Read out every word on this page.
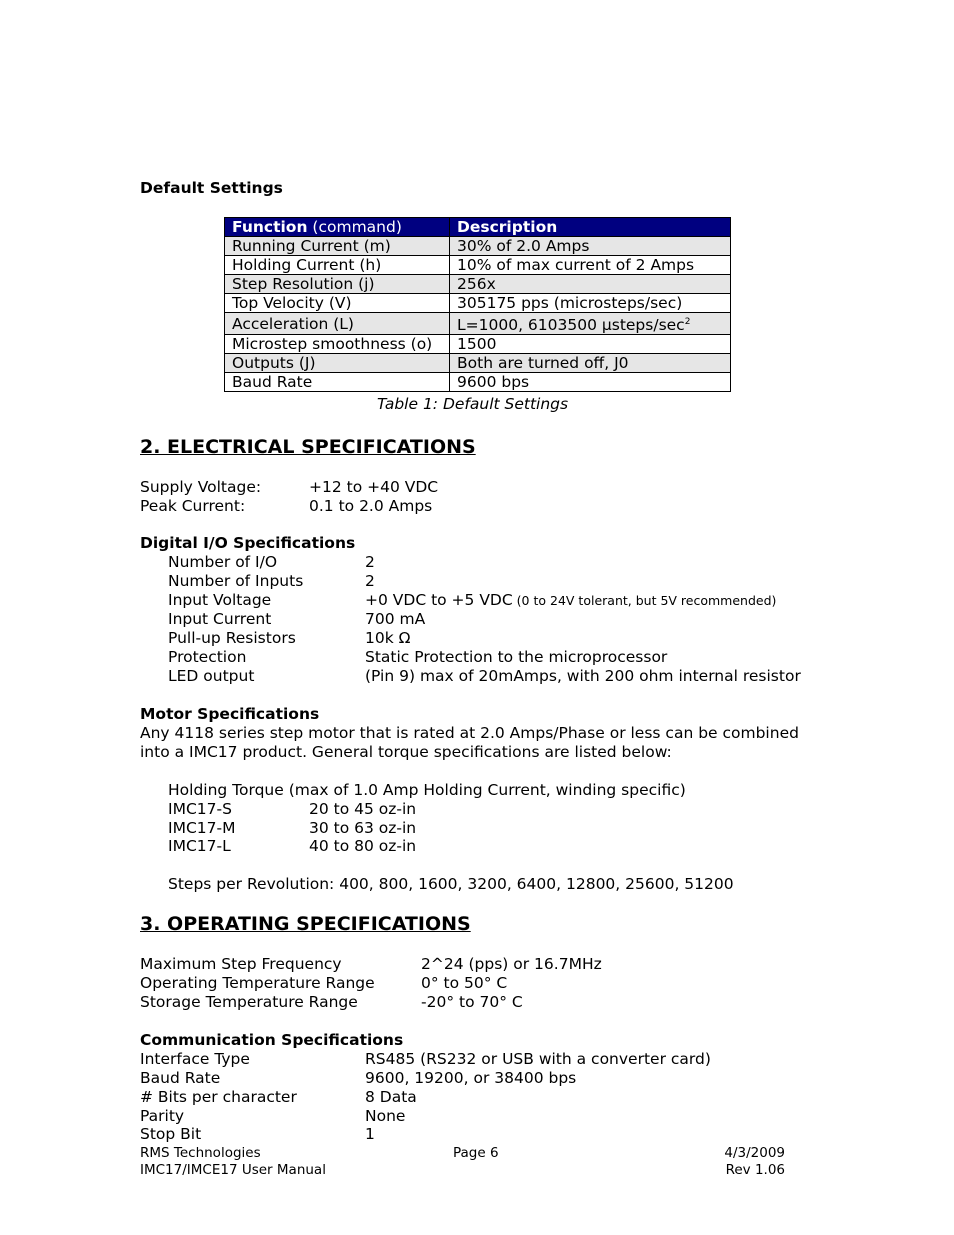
Default Settings
Function (command)	Description
Running Current (m)	30% of 2.0 Amps
Holding Current (h)	10% of max current of 2 Amps
Step Resolution (j)	256x
Top Velocity (V)	305175 pps (microsteps/sec)
Acceleration (L)	L=1000, 6103500 µsteps/$\sec^2$
Microstep smoothness (o)	1500
Outputs (J)	Both are turned off, J0
Baud Rate	9600 bps
Table 1: Default Settings
2. ELECTRICAL SPECIFICATIONS
Supply Voltage:	+12 to +40 VDC
Peak Current:	0.1 to 2.0 Amps
Digital I/O Specifications
Number of I/O	2
Number of Inputs	2
Input Voltage	+0 VDC to +5 VDC (0 to 24V tolerant, but 5V recommended)
Input Current	700 mA
Pull-up Resistors	10k Ω
Protection	Static Protection to the microprocessor
LED output	(Pin 9) max of 20mAmps, with 200 ohm internal resistor
Motor Specifications
Any 4118 series step motor that is rated at 2.0 Amps/Phase or less can be combined
into a IMC17 product. General torque specifications are listed below:
Holding Torque (max of 1.0 Amp Holding Current, winding specific)
IMC17-S	20 to 45 oz-in
IMC17-M	30 to 63 oz-in
IMC17-L	40 to 80 oz-in
Steps per Revolution: 400, 800, 1600, 3200, 6400, 12800, 25600, 51200
3. OPERATING SPECIFICATIONS
Maximum Step Frequency	2^24 (pps) or 16.7MHz
Operating Temperature Range	0° to 50° C
Storage Temperature Range	-20° to 70° C
Communication Specifications
Interface Type	RS485 (RS232 or USB with a converter card)
Baud Rate	9600, 19200, or 38400 bps
# Bits per character	8 Data
Parity	None
Stop Bit	1
RMS Technologies
IMC17/IMCE17 User Manual
Page 6	4/3/2009
Rev 1.06
